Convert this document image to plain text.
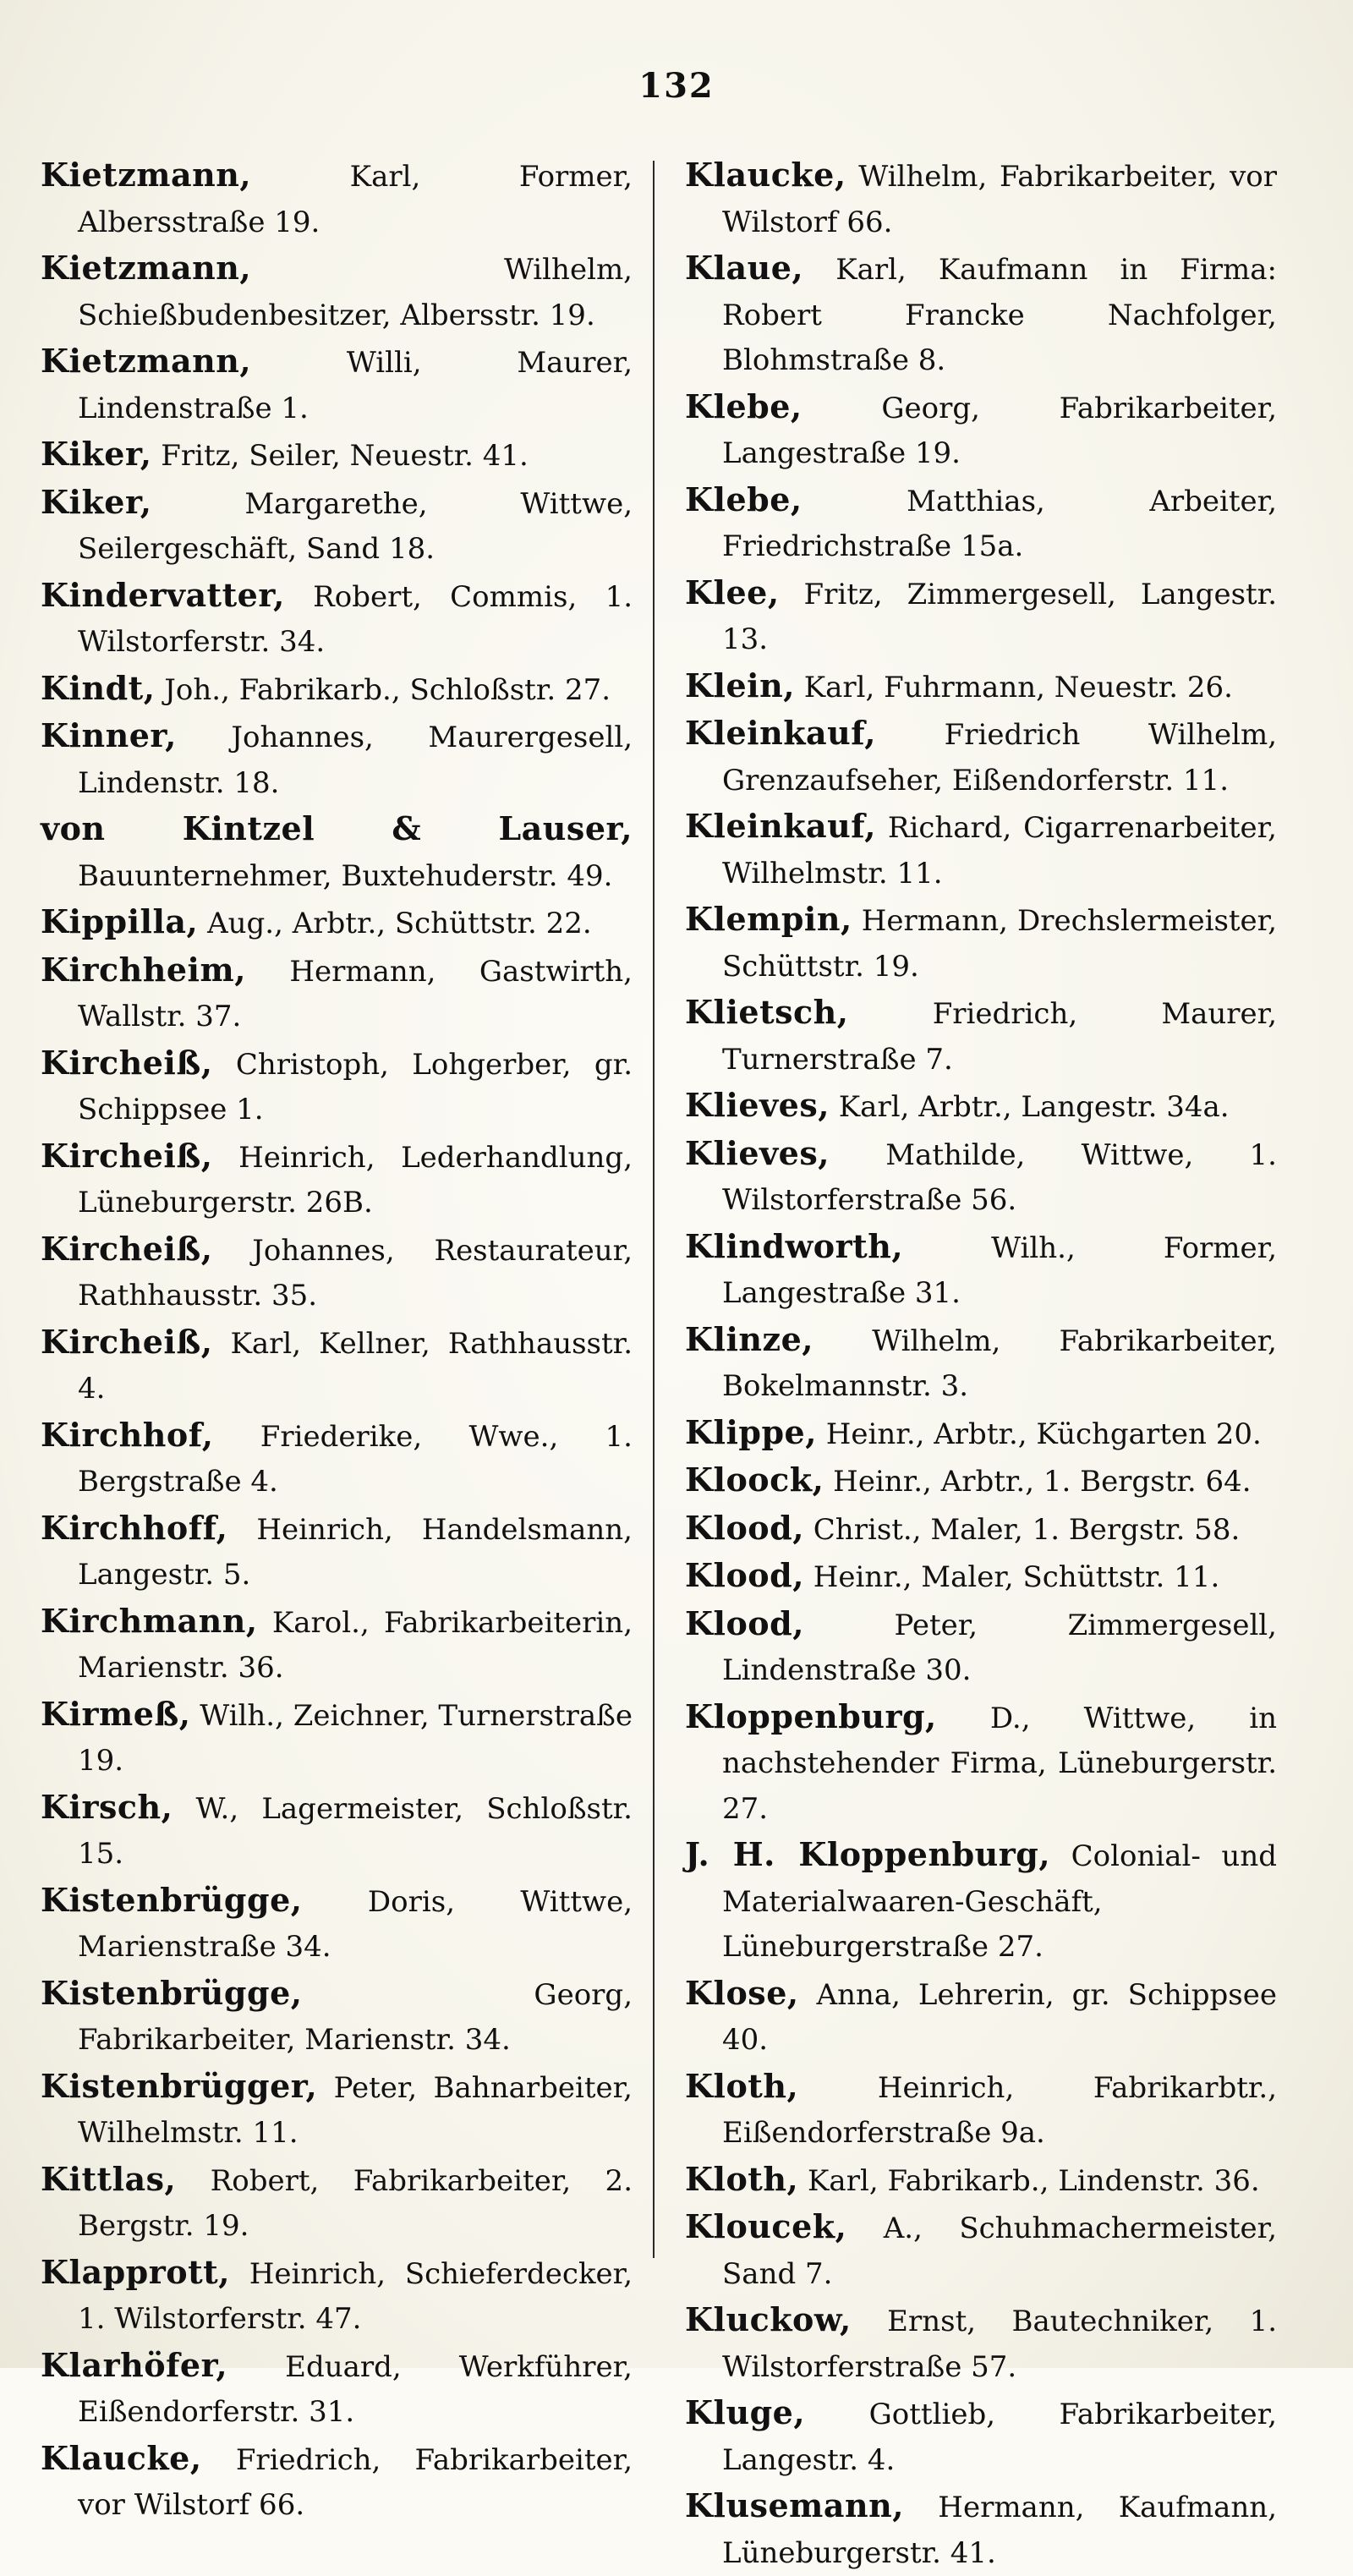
132

Kietzmann,	Karl, Former, Albersstraße 19.

Kietzmann,	Wilhelm, Schießbudenbesitzer, Albersstr. 19.

Kietzmann,	Willi, Maurer, Lindenstraße 1.

Kiker, Fritz, Seiler, Neuestr. 41.

Kiker,	Margarethe, Wittwe, Seilergeschäft, Sand 18.

Kindervatter, Robert, Commis, 1. Wilstorferstr. 34.

Kindt, Joh., Fabrikarb., Schloßstr. 27.

Kinner, Johannes, Maurergesell, Lindenstr. 18.

von Kintzel & Lauser, Bauunternehmer, Buxtehuderstr. 49.

Kippilla, Aug., Arbtr., Schüttstr. 22.

Kirchheim, Hermann, Gastwirth, Wallstr. 37.

Kircheiß, Christoph, Lohgerber, gr. Schippsee 1.

Kircheiß, Heinrich, Lederhandlung, Lüneburgerstr. 26B.

Kircheiß, Johannes, Restaurateur, Rathhausstr. 35.

Kircheiß, Karl, Kellner, Rathhausstr. 4.

Kirchhof, Friederike, Wwe., 1. Bergstraße 4.

Kirchhoff, Heinrich, Handelsmann, Langestr. 5.

Kirchmann, Karol., Fabrikarbeiterin, Marienstr. 36.

Kirmeß, Wilh., Zeichner, Turnerstraße 19.

Kirsch, W., Lagermeister, Schloßstr. 15.

Kistenbrügge, Doris, Wittwe, Marienstraße 34.

Kistenbrügge,	Georg, Fabrikarbeiter, Marienstr. 34.

Kistenbrügger, Peter, Bahnarbeiter, Wilhelmstr. 11.

Kittlas, Robert, Fabrikarbeiter, 2. Bergstr. 19.

Klapprott, Heinrich, Schieferdecker, 1. Wilstorferstr. 47.

Klarhöfer, Eduard, Werkführer, Eißendorferstr. 31.

Klaucke, Friedrich, Fabrikarbeiter, vor Wilstorf 66.

Klaucke, Wilhelm, Fabrikarbeiter, vor Wilstorf 66.

Klaue, Karl, Kaufmann in Firma: Robert Francke Nachfolger, Blohmstraße 8.

Klebe,	Georg, Fabrikarbeiter, Langestraße 19.

Klebe,	Matthias, Arbeiter, Friedrichstraße 15a.

Klee, Fritz, Zimmergesell, Langestr. 13.

Klein, Karl, Fuhrmann, Neuestr. 26.

Kleinkauf, Friedrich Wilhelm, Grenzaufseher, Eißendorferstr. 11.

Kleinkauf, Richard, Cigarrenarbeiter, Wilhelmstr. 11.

Klempin, Hermann, Drechslermeister, Schüttstr. 19.

Klietsch,	Friedrich, Maurer, Turnerstraße 7.

Klieves, Karl, Arbtr., Langestr. 34a.

Klieves, Mathilde, Wittwe, 1. Wilstorferstraße 56.

Klindworth,	Wilh., Former, Langestraße 31.

Klinze, Wilhelm, Fabrikarbeiter, Bokelmannstr. 3.

Klippe, Heinr., Arbtr., Küchgarten 20.

Kloock, Heinr., Arbtr., 1. Bergstr. 64.

Klood, Christ., Maler, 1. Bergstr. 58.

Klood, Heinr., Maler, Schüttstr. 11.

Klood,	Peter, Zimmergesell, Lindenstraße 30.

Kloppenburg, D., Wittwe, in nachstehender Firma, Lüneburgerstr. 27.

J. H. Kloppenburg, Colonial- und Materialwaaren-Geschäft, Lüneburgerstraße 27.

Klose, Anna, Lehrerin, gr. Schippsee 40.

Kloth,	Heinrich, Fabrikarbtr., Eißendorferstraße 9a.

Kloth, Karl, Fabrikarb., Lindenstr. 36.

Kloucek, A., Schuhmachermeister, Sand 7.

Kluckow, Ernst, Bautechniker, 1. Wilstorferstraße 57.

Kluge, Gottlieb, Fabrikarbeiter, Langestr. 4.

Klusemann, Hermann, Kaufmann, Lüneburgerstr. 41.
